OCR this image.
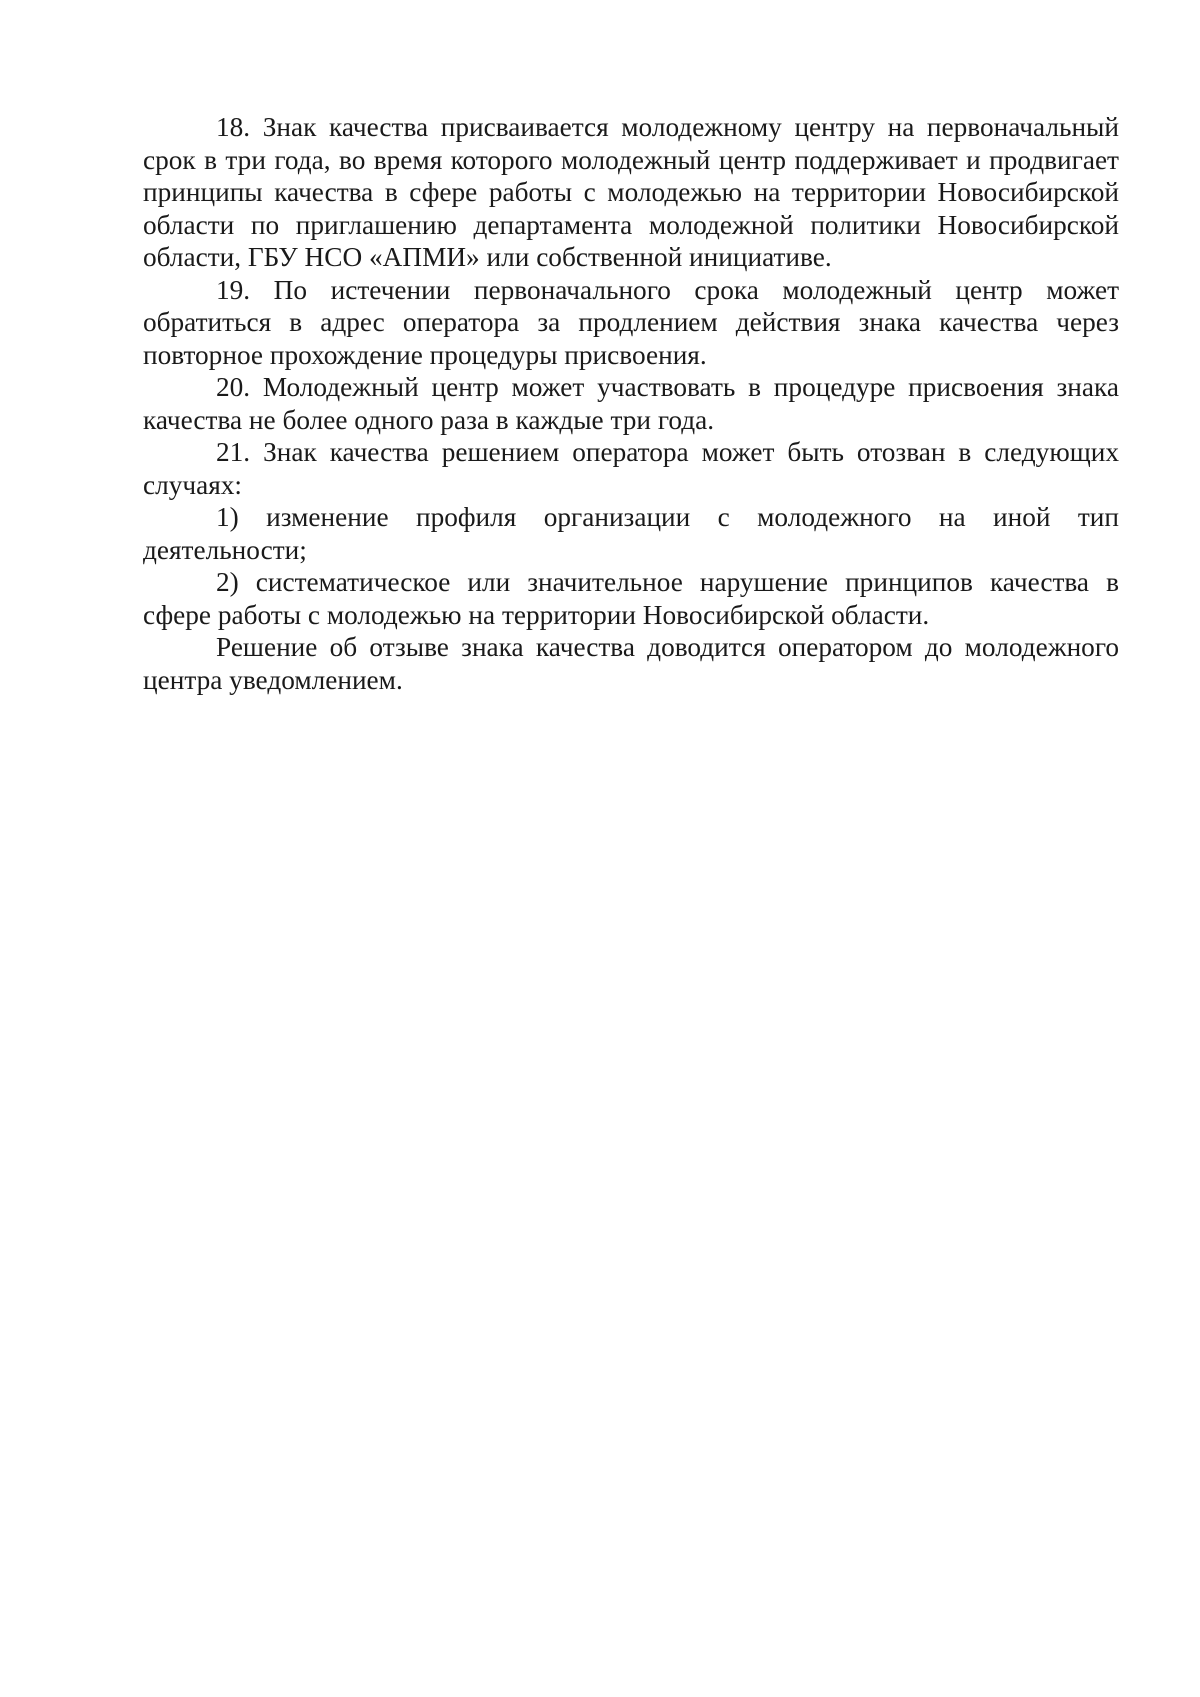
18. Знак качества присваивается молодежному центру на первоначальный срок в три года, во время которого молодежный центр поддерживает и продвигает принципы качества в сфере работы с молодежью на территории Новосибирской области по приглашению департамента молодежной политики Новосибирской области, ГБУ НСО «АПМИ» или собственной инициативе.

19. По истечении первоначального срока молодежный центр может обратиться в адрес оператора за продлением действия знака качества через повторное прохождение процедуры присвоения.

20. Молодежный центр может участвовать в процедуре присвоения знака качества не более одного раза в каждые три года.

21. Знак качества решением оператора может быть отозван в следующих случаях:

1) изменение профиля организации с молодежного на иной тип деятельности;

2) систематическое или значительное нарушение принципов качества в сфере работы с молодежью на территории Новосибирской области.

Решение об отзыве знака качества доводится оператором до молодежного центра уведомлением.
